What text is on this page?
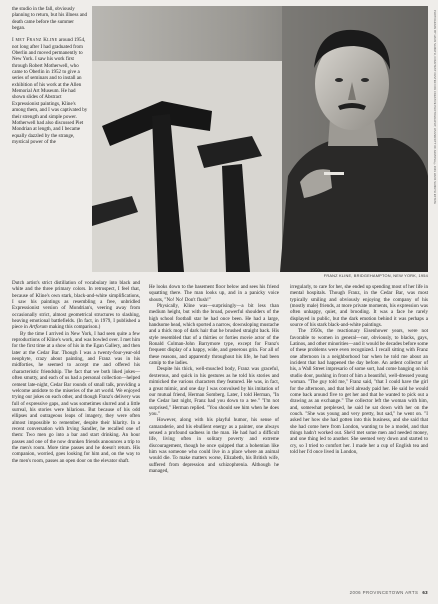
the studio in the fall, obviously planning to return, but his illness and death came before the summer began.

I met Franz Kline around 1954, not long after I had graduated from Oberlin and moved permanently to New York. I saw his work first through Robert Motherwell, who came to Oberlin in 1952 to give a series of seminars and to install an exhibition of his work at the Allen Memorial Art Museum. He had shown slides of Abstract Expressionist paintings, Kline's among them, and I was captivated by their strength and simple power. Motherwell had also discussed Piet Mondrian at length, and I became equally dazzled by the strange, mystical power of the	PHOTOGRAPH BY HANS NAMUTH, COURTESY CENTER FOR CREATIVE PHOTOGRAPHY, UNIVERSITY OF ARIZONA ©1991 HANS NAMUTH ESTATE
FRANZ KLINE, BRIDGEHAMPTON, NEW YORK, 1954

Dutch artist's strict distillation of vocabulary into black and white and the three primary colors. In retrospect, I feel that, because of Kline's own stark, black-and-white simplifications, I saw his paintings as resembling a free, unbridled Expressionist version of Mondrian's, veering away from occasionally strict, almost geometrical structures to slashing, heaving emotional battlefields. (In fact, in 1979, I published a piece in Artforum making this comparison.)

By the time I arrived in New York, I had seen quite a few reproductions of Kline's work, and was bowled over. I met him for the first time at a show of his in the Egan Gallery, and then later at the Cedar Bar. Though I was a twenty-four-year-old neophyte, crazy about painting, and Franz was in his midforties, he seemed to accept me and offered his characteristic friendship. The fact that we both liked jokes—often smutty, and each of us had a personal collection—helped cement late-night, Cedar Bar rounds of small talk, providing a welcome antidote to the miseries of the art world. We enjoyed trying our jokes on each other, and though Franz's delivery was full of expressive gaps, and was sometimes slurred and a little surreal, his stories were hilarious. But because of his odd ellipses and outrageous leaps of imagery, they were often almost impossible to remember, despite their hilarity. In a recent conversation with Irving Sandler, he recalled one of them: Two men go into a bar and start drinking. An hour passes and one of the now drunken friends announces a trip to the men's room. More time passes and he doesn't return. His companion, worried, goes looking for him and, on the way to the men's room, passes an open door on the elevator shaft.

He looks down to the basement floor below and sees his friend squatting there. The man looks up, and in a panicky voice shouts, "No! No! Don't flush!"

Physically, Kline was—surprisingly—a bit less than medium height, but with the broad, powerful shoulders of the high school football star he had once been. He had a large, handsome head, which sported a narrow, downsloping mustache and a thick mop of dark hair that he brushed straight back. His style resembled that of a thirties or forties movie actor of the Ronald Colman-John Barrymore type, except for Franz's frequent display of a happy, wide, and generous grin. For all of these reasons, and apparently throughout his life, he had been catnip to the ladies.

Despite his thick, well-muscled body, Franz was graceful, dexterous, and quick in his gestures as he told his stories and mimicked the various characters they featured. He was, in fact, a great mimic, and one day I was convulsed by his imitation of our mutual friend, Herman Somberg. Later, I told Herman, "In the Cedar last night, Franz had you down to a tee." "I'm not surprised," Herman replied. "You should see him when he does you."

However, along with his playful humor, his sense of camaraderie, and his ebullient energy as a painter, one always sensed a profound sadness in the man. He had had a difficult life, living often in solitary poverty and extreme discouragement, though he once quipped that a bohemian like him was someone who could live in a place where an animal would die. To make matters worse, Elizabeth, his British wife, suffered from depression and schizophrenia. Although he managed,

irregularly, to care for her, she ended up spending most of her life in mental hospitals. Though Franz, in the Cedar Bar, was most typically smiling and obviously enjoying the company of his (mostly male) friends, at more private moments, his expression was often unhappy, quiet, and brooding. It was a face he rarely displayed in public, but the dark emotion behind it was perhaps a source of his stark black-and-white paintings.

The 1950s, the reactionary Eisenhower years, were not favorable to women in general—nor, obviously, to blacks, gays, Latinos, and other minorities—and it would be decades before some of these problems were even recognized. I recall sitting with Franz one afternoon in a neighborhood bar when he told me about an incident that had happened the day before. An ardent collector of his, a Wall Street impresario of some sort, had come banging on his studio door, pushing in front of him a beautiful, well-dressed young woman. "The guy told me," Franz said, "that I could have the girl for the afternoon, and that he'd already paid her. He said he would come back around five to get her and that he wanted to pick out a drawing as an exchange." The collector left the woman with him, and, somewhat perplexed, he said he sat down with her on the couch. "She was young and very pretty, but sad," he went on. "I asked her how she had gotten into this business, and she said that she had come here from London, wanting to be a model, and that things hadn't worked out. She'd met some men and needed money, and one thing led to another. She seemed very down and started to cry, so I tried to comfort her. I made her a cup of English tea and told her I'd once lived in London,

2006 PROVINCETOWN ARTS 63
